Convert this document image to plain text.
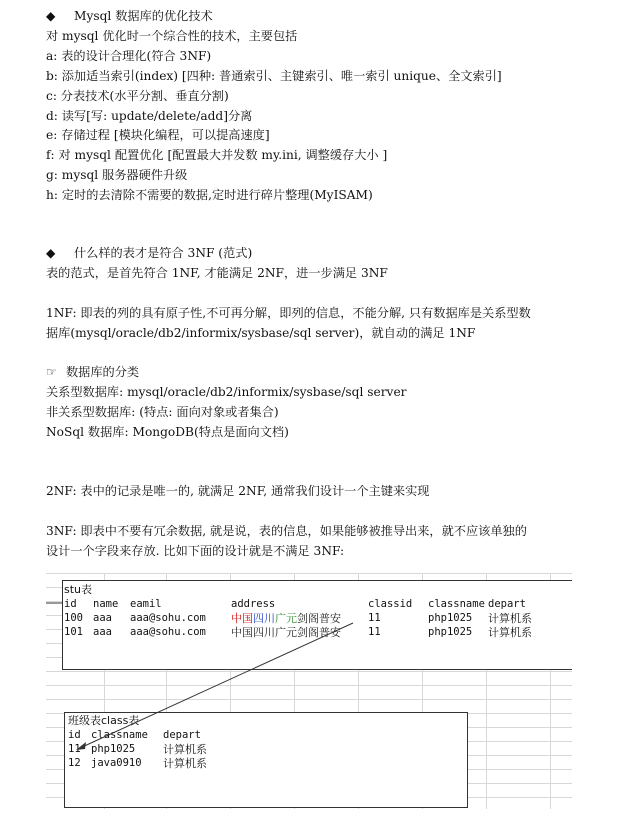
◆ Mysql 数据库的优化技术
对 mysql 优化时一个综合性的技术，主要包括
a: 表的设计合理化(符合 3NF)
b: 添加适当索引(index) [四种: 普通索引、主键索引、唯一索引 unique、全文索引]
c: 分表技术(水平分割、垂直分割)
d: 读写[写: update/delete/add]分离
e: 存储过程 [模块化编程，可以提高速度]
f: 对 mysql 配置优化 [配置最大并发数 my.ini, 调整缓存大小 ]
g: mysql 服务器硬件升级
h: 定时的去清除不需要的数据,定时进行碎片整理(MyISAM)
◆ 什么样的表才是符合 3NF (范式)
表的范式，是首先符合 1NF, 才能满足 2NF，进一步满足 3NF
1NF: 即表的列的具有原子性,不可再分解，即列的信息，不能分解, 只有数据库是关系型数
据库(mysql/oracle/db2/informix/sysbase/sql server)，就自动的满足 1NF
☞ 数据库的分类
关系型数据库: mysql/oracle/db2/informix/sysbase/sql server
非关系型数据库: (特点: 面向对象或者集合)
NoSql 数据库: MongoDB(特点是面向文档)
2NF: 表中的记录是唯一的, 就满足 2NF, 通常我们设计一个主键来实现
3NF: 即表中不要有冗余数据, 就是说，表的信息，如果能够被推导出来，就不应该单独的
设计一个字段来存放. 比如下面的设计就是不满足 3NF:
stu表
id name eamil	address	classid classname depart
100 aaa aaa@sohu.com 中国四川广元剑阁普安	11	php1025 计算机系
101 aaa aaa@sohu.com 中国四川广元剑阁普安	11	php1025 计算机系
班级表class表
id classname depart
11 php1025	计算机系
12 java0910 计算机系
